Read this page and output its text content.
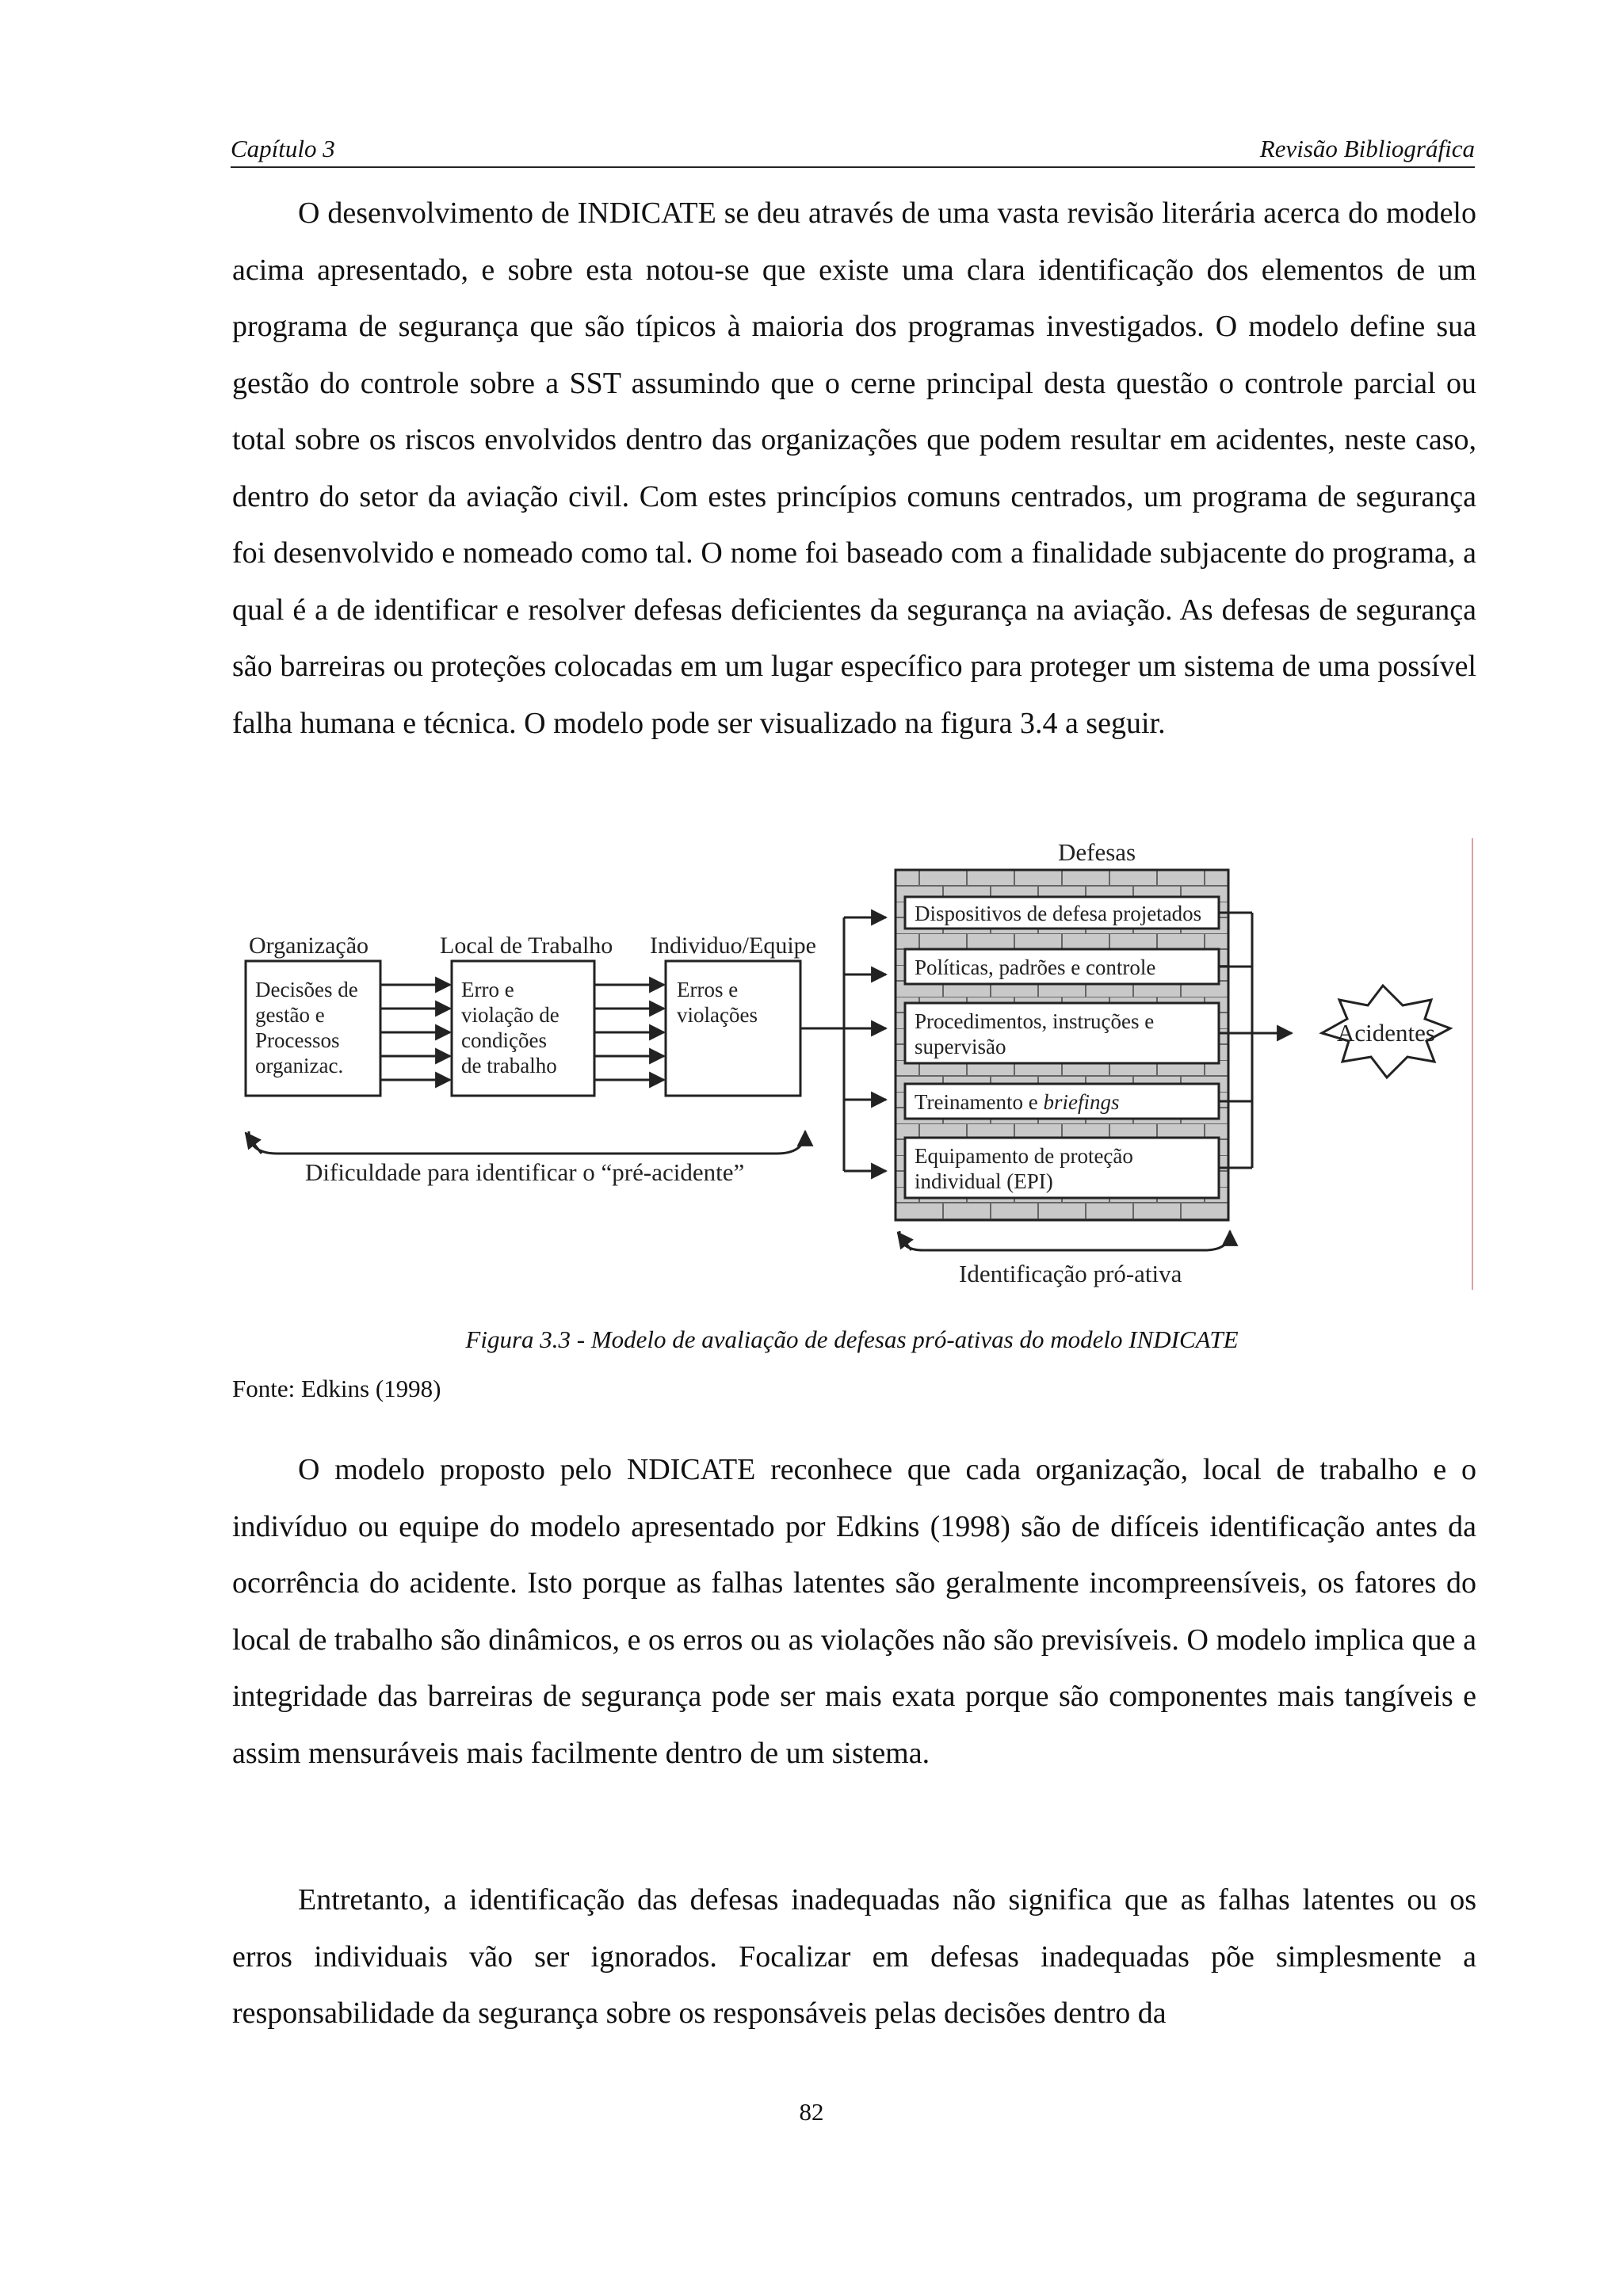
Capítulo 3	Revisão Bibliográfica

O desenvolvimento de INDICATE se deu através de uma vasta revisão literária acerca do modelo acima apresentado, e sobre esta notou-se que existe uma clara identificação dos elementos de um programa de segurança que são típicos à maioria dos programas investigados. O modelo define sua gestão do controle sobre a SST assumindo que o cerne principal desta questão o controle parcial ou total sobre os riscos envolvidos dentro das organizações que podem resultar em acidentes, neste caso, dentro do setor da aviação civil. Com estes princípios comuns centrados, um programa de segurança foi desenvolvido e nomeado como tal. O nome foi baseado com a finalidade subjacente do programa, a qual é a de identificar e resolver defesas deficientes da segurança na aviação. As defesas de segurança são barreiras ou proteções colocadas em um lugar específico para proteger um sistema de uma possível falha humana e técnica. O modelo pode ser visualizado na figura 3.4 a seguir.

Organização
Decisões de
gestão e
Processos
organizac.
Local de Trabalho
Erro e
violação de
condições
de trabalho
Individuo/Equipe
Erros e
violações
Defesas
Dispositivos de defesa projetados
Políticas, padrões e controle
Procedimentos, instruções e
supervisão
Treinamento e briefings
Equipamento de proteção
individual (EPI)
Acidentes
Dificuldade para identificar o “pré-acidente”
Identificação pró-ativa
Figura 3.3 - Modelo de avaliação de defesas pró-ativas do modelo INDICATE
Fonte: Edkins (1998)

O modelo proposto pelo NDICATE reconhece que cada organização, local de trabalho e o indivíduo ou equipe do modelo apresentado por Edkins (1998) são de difíceis identificação antes da ocorrência do acidente. Isto porque as falhas latentes são geralmente incompreensíveis, os fatores do local de trabalho são dinâmicos, e os erros ou as violações não são previsíveis. O modelo implica que a integridade das barreiras de segurança pode ser mais exata porque são componentes mais tangíveis e assim mensuráveis mais facilmente dentro de um sistema.

Entretanto, a identificação das defesas inadequadas não significa que as falhas latentes ou os erros individuais vão ser ignorados. Focalizar em defesas inadequadas põe simplesmente a responsabilidade da segurança sobre os responsáveis pelas decisões dentro da

82
